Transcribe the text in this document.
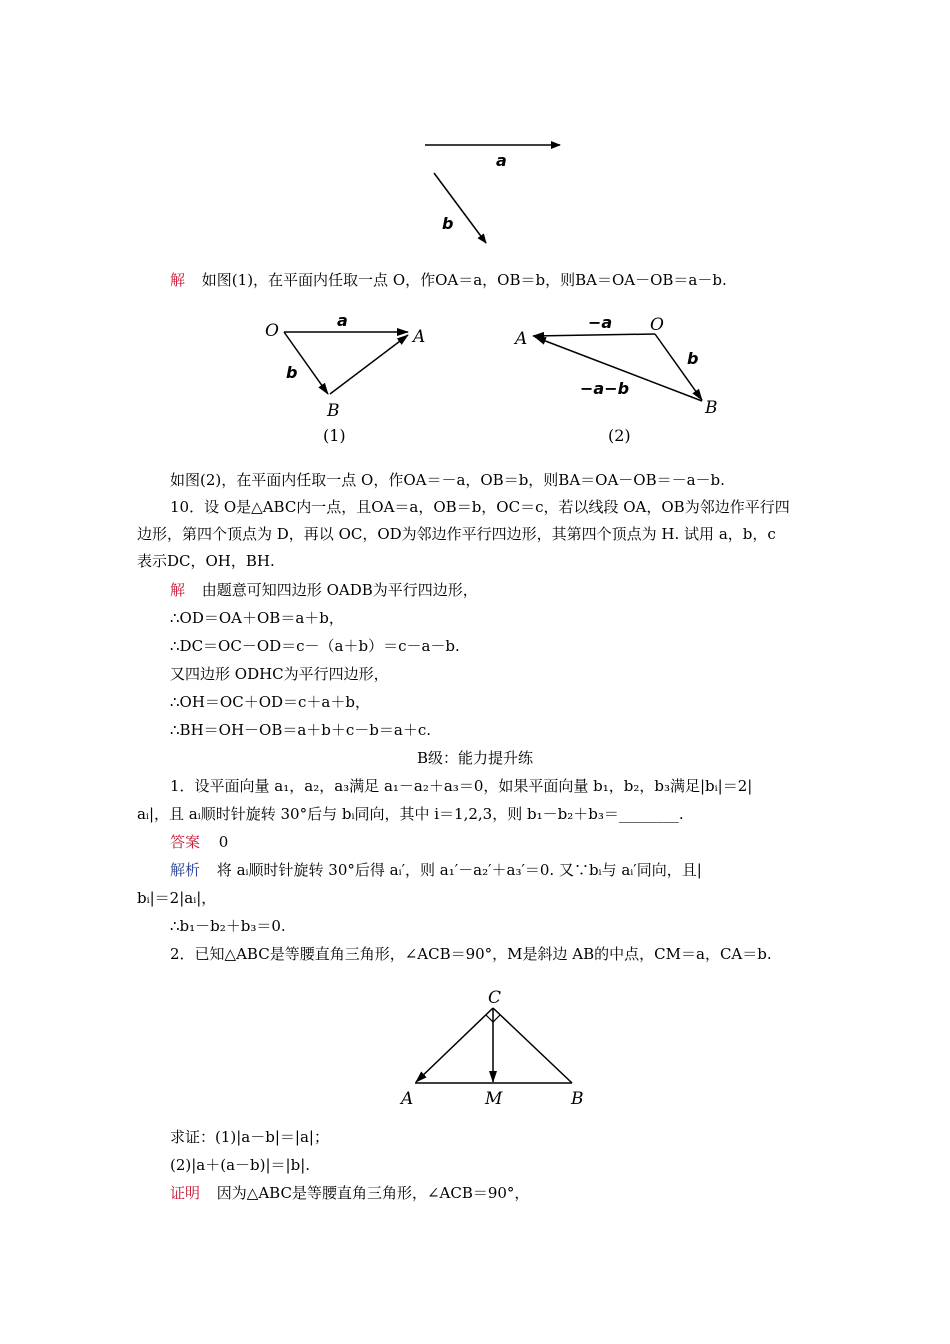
a
b
解 如图(1)，在平面内任取一点 O，作OA＝a，OB＝b，则BA＝OA－OB＝a－b.
O	A
B
a
b
(1)
O
A
B
−a
b
−a−b
(2)
如图(2)，在平面内任取一点 O，作OA＝－a，OB＝b，则BA＝OA－OB＝－a－b.
10．设 O是△ABC内一点，且OA＝a，OB＝b，OC＝c，若以线段 OA，OB为邻边作平行四
边形，第四个顶点为 D，再以 OC，OD为邻边作平行四边形，其第四个顶点为 H. 试用 a，b，c
表示DC，OH，BH.
解 由题意可知四边形 OADB为平行四边形，
∴OD＝OA＋OB＝a＋b，
∴DC＝OC－OD＝c－（a＋b）＝c－a－b.
又四边形 ODHC为平行四边形，
∴OH＝OC＋OD＝c＋a＋b，
∴BH＝OH－OB＝a＋b＋c－b＝a＋c.
B级：能力提升练
1．设平面向量 a₁，a₂，a₃满足 a₁－a₂＋a₃＝0，如果平面向量 b₁，b₂，b₃满足|bᵢ|＝2|
aᵢ|，且 aᵢ顺时针旋转 30°后与 bᵢ同向，其中 i＝1,2,3，则 b₁－b₂＋b₃＝________.
答案 0
解析 将 aᵢ顺时针旋转 30°后得 aᵢ′，则 a₁′－a₂′＋a₃′＝0. 又∵bᵢ与 aᵢ′同向，且|
bᵢ|＝2|aᵢ|，
∴b₁－b₂＋b₃＝0.
2．已知△ABC是等腰直角三角形，∠ACB＝90°，M是斜边 AB的中点，CM＝a，CA＝b.
C
A	M	B
求证：(1)|a－b|＝|a|；
(2)|a＋(a－b)|＝|b|.
证明 因为△ABC是等腰直角三角形，∠ACB＝90°，
